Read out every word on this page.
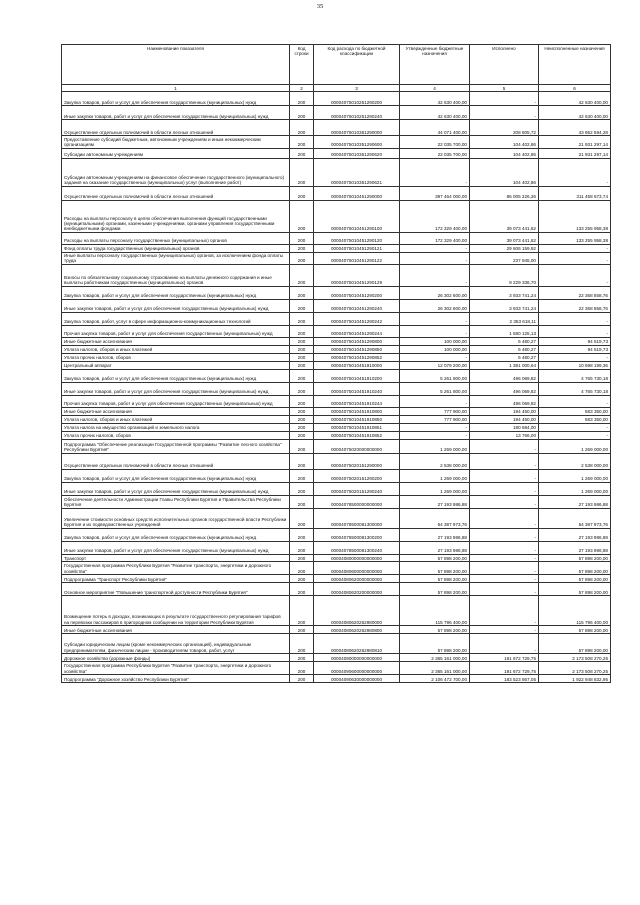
35
Наименование показателя	Код строки	Код расхода по бюджетной классификации	Утвержденные бюджетные назначения	Исполнено	Неисполненные назначения
1	2	3	4	5	6
Закупка товаров, работ и услуг для обеспечения государственных (муниципальных) нужд	200	00004075010251290200	42 630 400,00	-	42 630 400,00
Иные закупки товаров, работ и услуг для обеспечения государственных (муниципальных) нужд	200	00004075010251290240	42 630 400,00	-	42 630 400,00
Осуществление отдельных полномочий в области лесных отношений	200	00004075010351290000	44 071 400,00	208 805,72	43 862 594,28
Предоставление субсидий бюджетным, автономным учреждениям и иным некоммерческим организациям	200	00004075010351290600	22 035 700,00	104 402,86	21 931 297,14
Субсидии автономным учреждениям	200	00004075010351290620	22 035 700,00	104 402,86	21 931 297,14
Субсидии автономным учреждениям на финансовое обеспечение государственного (муниципального) задания на оказание государственных (муниципальных) услуг (выполнение работ)	200	00004075010351290621	-	104 402,86	-
Осуществление отдельных полномочий в области лесных отношений	200	00004075010451290000	397 464 000,00	86 005 326,26	311 458 673,74
Расходы на выплаты персоналу в целях обеспечения выполнения функций государственными (муниципальными) органами, казенными учреждениями, органами управления государственными внебюджетными фондами	200	00004075010451290100	172 329 400,00	39 073 441,62	133 255 958,38
Расходы на выплаты персоналу государственных (муниципальных) органов	200	00004075010451290120	172 329 400,00	39 073 441,62	133 255 958,38
Фонд оплаты труда государственных (муниципальных) органов	200	00004075010451290121	-	29 606 159,92	-
Иные выплаты персоналу государственных (муниципальных) органов, за исключением фонда оплаты труда	200	00004075010451290122	-	237 945,00	-
Взносы по обязательному социальному страхованию на выплаты денежного содержания и иные выплаты работникам государственных (муниципальных) органов	200	00004075010451290129	-	9 229 336,70	-
Закупка товаров, работ и услуг для обеспечения государственных (муниципальных) нужд	200	00004075010451290200	26 302 600,00	3 933 741,24	22 368 858,76
Иные закупки товаров, работ и услуг для обеспечения государственных (муниципальных) нужд	200	00004075010451290240	26 302 600,00	3 933 741,24	22 368 858,76
Закупка товаров, работ, услуг в сфере информационно-коммуникационных технологий	200	00004075010451290242	-	2 353 618,11	-
Прочая закупка товаров, работ и услуг для обеспечения государственных (муниципальных) нужд	200	00004075010451290244	-	1 580 125,13	-
Иные бюджетные ассигнования	200	00004075010451290800	100 000,00	5 480,27	94 519,73
Уплата налогов, сборов и иных платежей	200	00004075010451290850	100 000,00	5 480,27	94 519,73
Уплата прочих налогов, сборов	200	00004075010451290852	-	5 480,27	-
Центральный аппарат	200	00004075010451910000	12 079 200,00	1 381 000,64	10 698 199,36
Закупка товаров, работ и услуг для обеспечения государственных (муниципальных) нужд	200	00004075010451910200	5 261 800,00	496 069,82	4 765 730,18
Иные закупки товаров, работ и услуг для обеспечения государственных (муниципальных) нужд	200	00004075010451910240	5 261 800,00	496 069,82	4 765 730,18
Прочая закупка товаров, работ и услуг для обеспечения государственных (муниципальных) нужд	200	00004075010451910244	-	496 069,82	-
Иные бюджетные ассигнования	200	00004075010451910800	777 900,00	194 450,00	583 350,00
Уплата налогов, сборов и иных платежей	200	00004075010451910850	777 900,00	194 450,00	583 350,00
Уплата налога на имущество организаций и земельного налога	200	00004075010451910851	-	180 684,00	-
Уплата прочих налогов, сборов	200	00004075010451910852	-	13 766,00	-
Подпрограмма "Обеспечение реализации Государственной программы "Развитие лесного хозяйства" Республики Бурятия"	200	00004075020000000000	1 269 000,00	-	1 269 000,00
Осуществление отдельных полномочий в области лесных отношений	200	00004075020151290000	2 538 000,00	-	2 538 000,00
Закупка товаров, работ и услуг для обеспечения государственных (муниципальных) нужд	200	00004075020151290200	1 269 000,00	-	1 269 000,00
Иные закупки товаров, работ и услуг для обеспечения государственных (муниципальных) нужд	200	00004075020151290240	1 269 000,00	-	1 269 000,00
Обеспечение деятельности Администрации Главы Республики Бурятия и Правительства Республики Бурятия	200	00004078500000000000	27 193 986,88	-	27 193 986,88
Увеличение стоимости основных средств исполнительных органов государственной власти Республики Бурятия и их подведомственных учреждений	200	00004078500081300000	54 387 973,76	-	54 387 973,76
Закупка товаров, работ и услуг для обеспечения государственных (муниципальных) нужд	200	00004078500081300200	27 193 986,88	-	27 193 986,88
Иные закупки товаров, работ и услуг для обеспечения государственных (муниципальных) нужд	200	00004078500081300240	27 193 986,88	-	27 193 986,88
Транспорт	200	00004080000000000000	57 898 200,00	-	57 898 200,00
Государственная программа Республики Бурятия "Развитие транспорта, энергетики и дорожного хозяйства"	200	00004080600000000000	57 898 200,00	-	57 898 200,00
Подпрограмма "Транспорт Республики Бурятия"	200	00004080620000000000	57 898 200,00	-	57 898 200,00
Основное мероприятие "Повышение транспортной доступности Республики Бурятия"	200	00004080620200000000	57 898 200,00	-	57 898 200,00
Возмещение потерь в доходах, возникающих в результате государственного регулирования тарифов на перевозки пассажиров в пригородном сообщении на территории Республики Бурятия	200	00004080620262980000	115 796 400,00	-	115 796 400,00
Иные бюджетные ассигнования	200	00004080620262980800	57 898 200,00	-	57 898 200,00
Субсидии юридическим лицам (кроме некоммерческих организаций), индивидуальным предпринимателям, физическим лицам - производителям товаров, работ, услуг	200	00004080620262980810	57 898 200,00	-	57 898 200,00
Дорожное хозяйство (дорожные фонды)	200	00004090000000000000	2 365 161 000,00	191 672 729,75	2 173 508 270,25
Государственная программа Республики Бурятия "Развитие транспорта, энергетики и дорожного хозяйства"	200	00004090600000000000	2 365 161 000,00	191 672 729,75	2 173 508 270,25
Подпрограмма "Дорожное хозяйство Республики Бурятия"	200	00004090630000000000	2 106 472 700,00	183 523 867,05	1 922 948 832,95
